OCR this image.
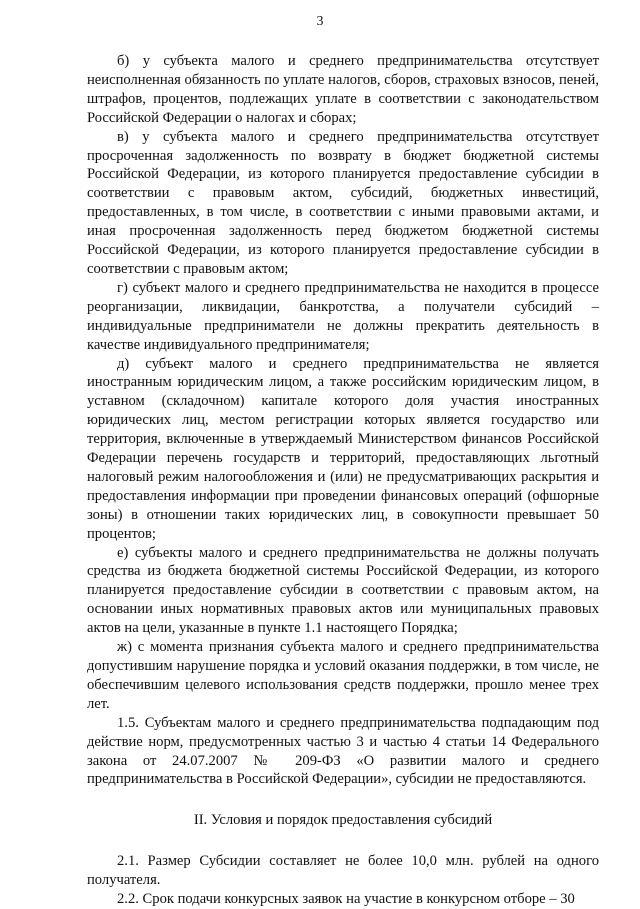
3

б) у субъекта малого и среднего предпринимательства отсутствует неисполненная обязанность по уплате налогов, сборов, страховых взносов, пеней, штрафов, процентов, подлежащих уплате в соответствии с законодательством Российской Федерации о налогах и сборах;

в) у субъекта малого и среднего предпринимательства отсутствует просроченная задолженность по возврату в бюджет бюджетной системы Российской Федерации, из которого планируется предоставление субсидии в соответствии с правовым актом, субсидий, бюджетных инвестиций, предоставленных, в том числе, в соответствии с иными правовыми актами, и иная просроченная задолженность перед бюджетом бюджетной системы Российской Федерации, из которого планируется предоставление субсидии в соответствии с правовым актом;

г) субъект малого и среднего предпринимательства не находится в процессе реорганизации, ликвидации, банкротства, а получатели субсидий – индивидуальные предприниматели не должны прекратить деятельность в качестве индивидуального предпринимателя;

д) субъект малого и среднего предпринимательства не является иностранным юридическим лицом, а также российским юридическим лицом, в уставном (складочном) капитале которого доля участия иностранных юридических лиц, местом регистрации которых является государство или территория, включенные в утверждаемый Министерством финансов Российской Федерации перечень государств и территорий, предоставляющих льготный налоговый режим налогообложения и (или) не предусматривающих раскрытия и предоставления информации при проведении финансовых операций (офшорные зоны) в отношении таких юридических лиц, в совокупности превышает 50 процентов;

е) субъекты малого и среднего предпринимательства не должны получать средства из бюджета бюджетной системы Российской Федерации, из которого планируется предоставление субсидии в соответствии с правовым актом, на основании иных нормативных правовых актов или муниципальных правовых актов на цели, указанные в пункте 1.1 настоящего Порядка;

ж) с момента признания субъекта малого и среднего предпринимательства допустившим нарушение порядка и условий оказания поддержки, в том числе, не обеспечившим целевого использования средств поддержки, прошло менее трех лет.

1.5. Субъектам малого и среднего предпринимательства подпадающим под действие норм, предусмотренных частью 3 и частью 4 статьи 14 Федерального закона от 24.07.2007 № 209-ФЗ «О развитии малого и среднего предпринимательства в Российской Федерации», субсидии не предоставляются.

II. Условия и порядок предоставления субсидий

2.1. Размер Субсидии составляет не более 10,0 млн. рублей на одного получателя.

2.2. Срок подачи конкурсных заявок на участие в конкурсном отборе – 30
